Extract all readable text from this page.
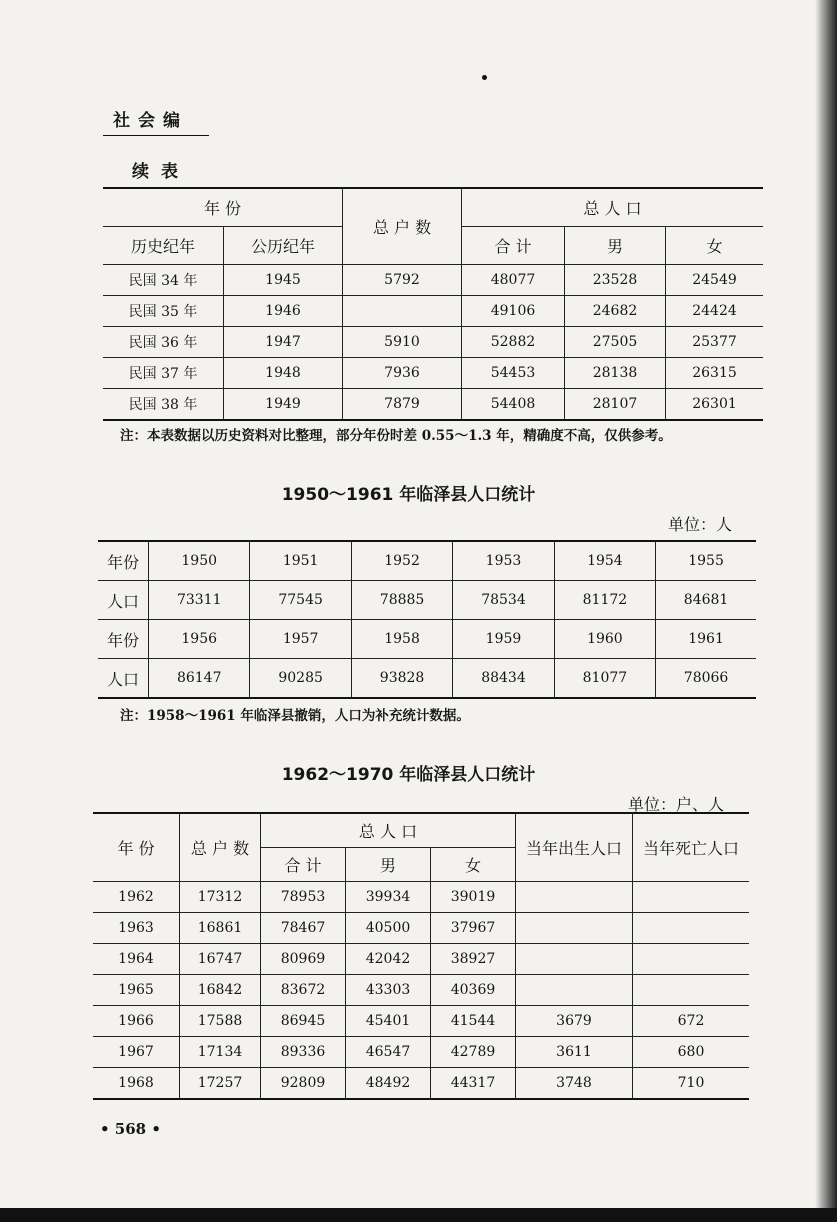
社会编
续表
年 份		总 户 数	总 人 口		
历史纪年	公历纪年		合 计	男	女
民国 34 年	1945	5792	48077	23528	24549
民国 35 年	1946		49106	24682	24424
民国 36 年	1947	5910	52882	27505	25377
民国 37 年	1948	7936	54453	28138	26315
民国 38 年	1949	7879	54408	28107	26301
注：本表数据以历史资料对比整理，部分年份时差 0.55～1.3 年，精确度不高，仅供参考。
1950～1961 年临泽县人口统计
单位：人
年份	1950	1951	1952	1953	1954	1955
人口	73311	77545	78885	78534	81172	84681
年份	1956	1957	1958	1959	1960	1961
人口	86147	90285	93828	88434	81077	78066
注：1958～1961 年临泽县撤销，人口为补充统计数据。
1962～1970 年临泽县人口统计
单位：户、人
年 份	总 户 数	总 人 口			当年出生人口	当年死亡人口
		合 计	男	女		
1962	17312	78953	39934	39019		
1963	16861	78467	40500	37967		
1964	16747	80969	42042	38927		
1965	16842	83672	43303	40369		
1966	17588	86945	45401	41544	3679	672
1967	17134	89336	46547	42789	3611	680
1968	17257	92809	48492	44317	3748	710
• 568 •
